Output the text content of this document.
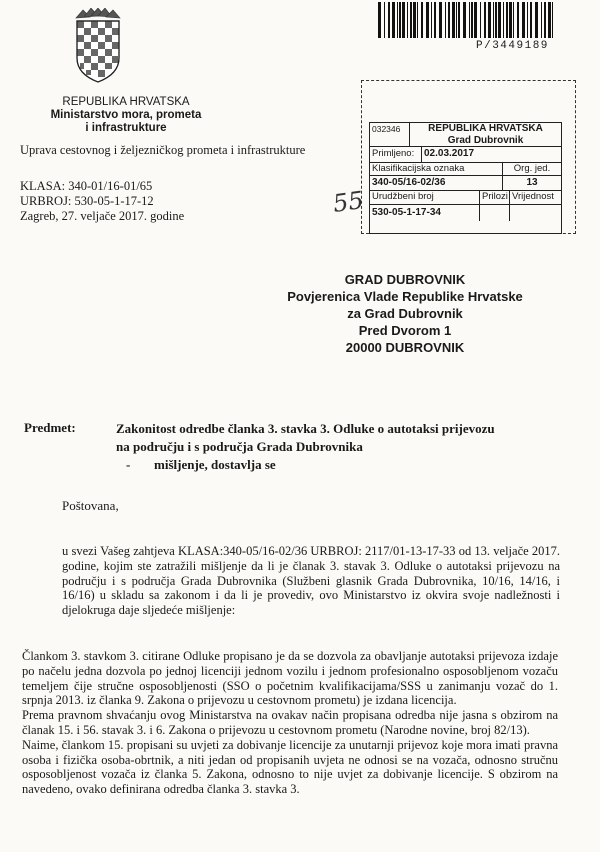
REPUBLIKA HRVATSKA
Ministarstvo mora, prometa
i infrastrukture
Uprava cestovnog i željezničkog prometa i infrastrukture
KLASA: 340-01/16-01/65
URBROJ: 530-05-1-17-12
Zagreb, 27. veljače 2017. godine
P/3449189
032346	REPUBLIKA HRVATSKA
Grad Dubrovnik
Primljeno: 02.03.2017
Klasifikacijska oznaka	Org. jed.
340-05/16-02/36	13
Urudžbeni broj	Prilozi Vrijednost
530-05-1-17-34
55
GRAD DUBROVNIK
Povjerenica Vlade Republike Hrvatske
za Grad Dubrovnik
Pred Dvorom 1
20000 DUBROVNIK
Predmet:	Zakonitost odredbe članka 3. stavka 3. Odluke o autotaksi prijevozu
na području i s područja Grada Dubrovnika
- mišljenje, dostavlja se
Poštovana,
u svezi Vašeg zahtjeva KLASA:340-05/16-02/36 URBROJ: 2117/01-13-17-33 od 13. veljače 2017. godine, kojim ste zatražili mišljenje da li je članak 3. stavak 3. Odluke o autotaksi prijevozu na području i s područja Grada Dubrovnika (Službeni glasnik Grada Dubrovnika, 10/16, 14/16, i 16/16) u skladu sa zakonom i da li je provediv, ovo Ministarstvo iz okvira svoje nadležnosti i djelokruga daje sljedeće mišljenje:

Člankom 3. stavkom 3. citirane Odluke propisano je da se dozvola za obavljanje autotaksi prijevoza izdaje po načelu jedna dozvola po jednoj licenciji jednom vozilu i jednom profesionalno osposobljenom vozaču temeljem čije stručne osposobljenosti (SSO o početnim kvalifikacijama/SSS u zanimanju vozač do 1. srpnja 2013. iz članka 9. Zakona o prijevozu u cestovnom prometu) je izdana licencija.

Prema pravnom shvaćanju ovog Ministarstva na ovakav način propisana odredba nije jasna s obzirom na članak 15. i 56. stavak 3. i 6. Zakona o prijevozu u cestovnom prometu (Narodne novine, broj 82/13).

Naime, člankom 15. propisani su uvjeti za dobivanje licencije za unutarnji prijevoz koje mora imati pravna osoba i fizička osoba-obrtnik, a niti jedan od propisanih uvjeta ne odnosi se na vozača, odnosno stručnu osposobljenost vozača iz članka 5. Zakona, odnosno to nije uvjet za dobivanje licencije. S obzirom na navedeno, ovako definirana odredba članka 3. stavka 3.
